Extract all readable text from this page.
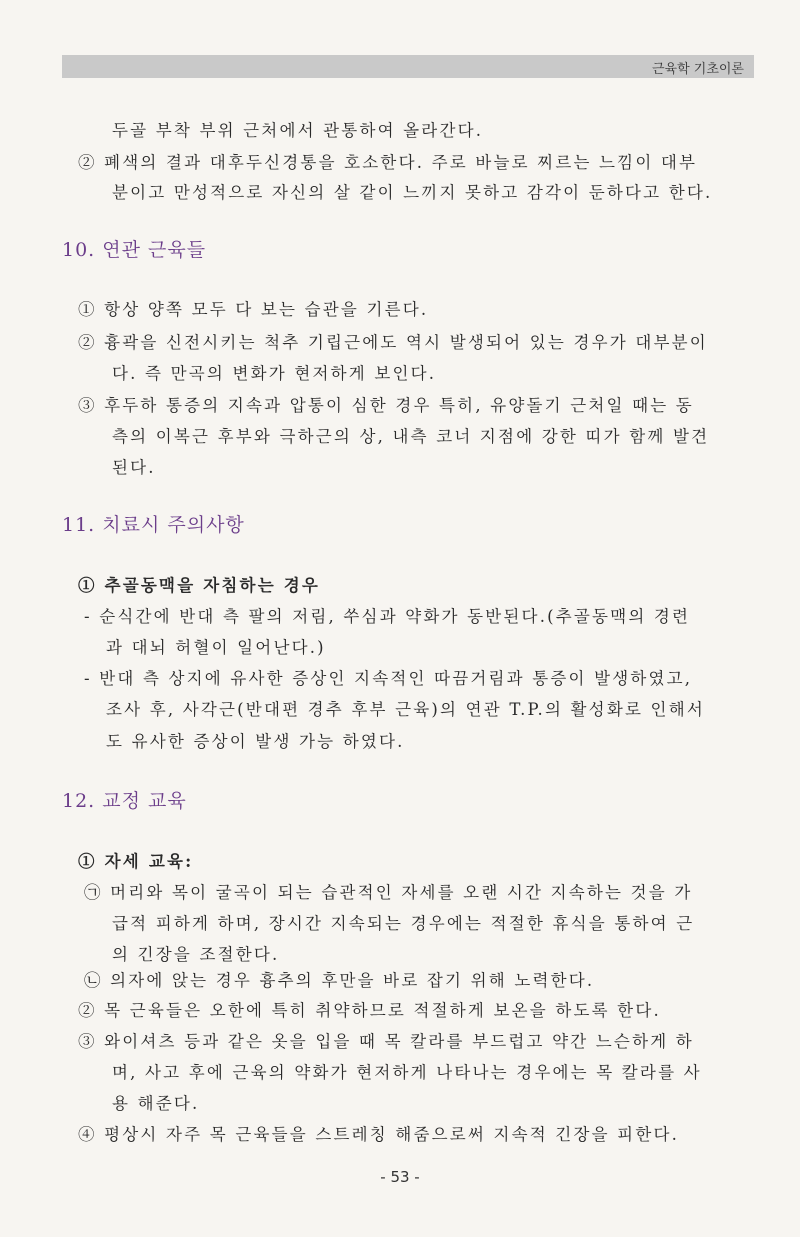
근육학 기초이론
두골 부착 부위 근처에서 관통하여 올라간다.
② 폐색의 결과 대후두신경통을 호소한다. 주로 바늘로 찌르는 느낌이 대부
분이고 만성적으로 자신의 살 같이 느끼지 못하고 감각이 둔하다고 한다.
10. 연관 근육들
① 항상 양쪽 모두 다 보는 습관을 기른다.
② 흉곽을 신전시키는 척추 기립근에도 역시 발생되어 있는 경우가 대부분이
다. 즉 만곡의 변화가 현저하게 보인다.
③ 후두하 통증의 지속과 압통이 심한 경우 특히, 유양돌기 근처일 때는 동
측의 이복근 후부와 극하근의 상, 내측 코너 지점에 강한 띠가 함께 발견
된다.
11. 치료시 주의사항
① 추골동맥을 자침하는 경우
- 순식간에 반대 측 팔의 저림, 쑤심과 약화가 동반된다.(추골동맥의 경련
과 대뇌 허혈이 일어난다.)
- 반대 측 상지에 유사한 증상인 지속적인 따끔거림과 통증이 발생하였고,
조사 후, 사각근(반대편 경추 후부 근육)의 연관 T.P.의 활성화로 인해서
도 유사한 증상이 발생 가능 하였다.
12. 교정 교육
① 자세 교육:
㉠ 머리와 목이 굴곡이 되는 습관적인 자세를 오랜 시간 지속하는 것을 가
급적 피하게 하며, 장시간 지속되는 경우에는 적절한 휴식을 통하여 근
의 긴장을 조절한다.
㉡ 의자에 앉는 경우 흉추의 후만을 바로 잡기 위해 노력한다.
② 목 근육들은 오한에 특히 취약하므로 적절하게 보온을 하도록 한다.
③ 와이셔츠 등과 같은 옷을 입을 때 목 칼라를 부드럽고 약간 느슨하게 하
며, 사고 후에 근육의 약화가 현저하게 나타나는 경우에는 목 칼라를 사
용 해준다.
④ 평상시 자주 목 근육들을 스트레칭 해줌으로써 지속적 긴장을 피한다.
- 53 -
